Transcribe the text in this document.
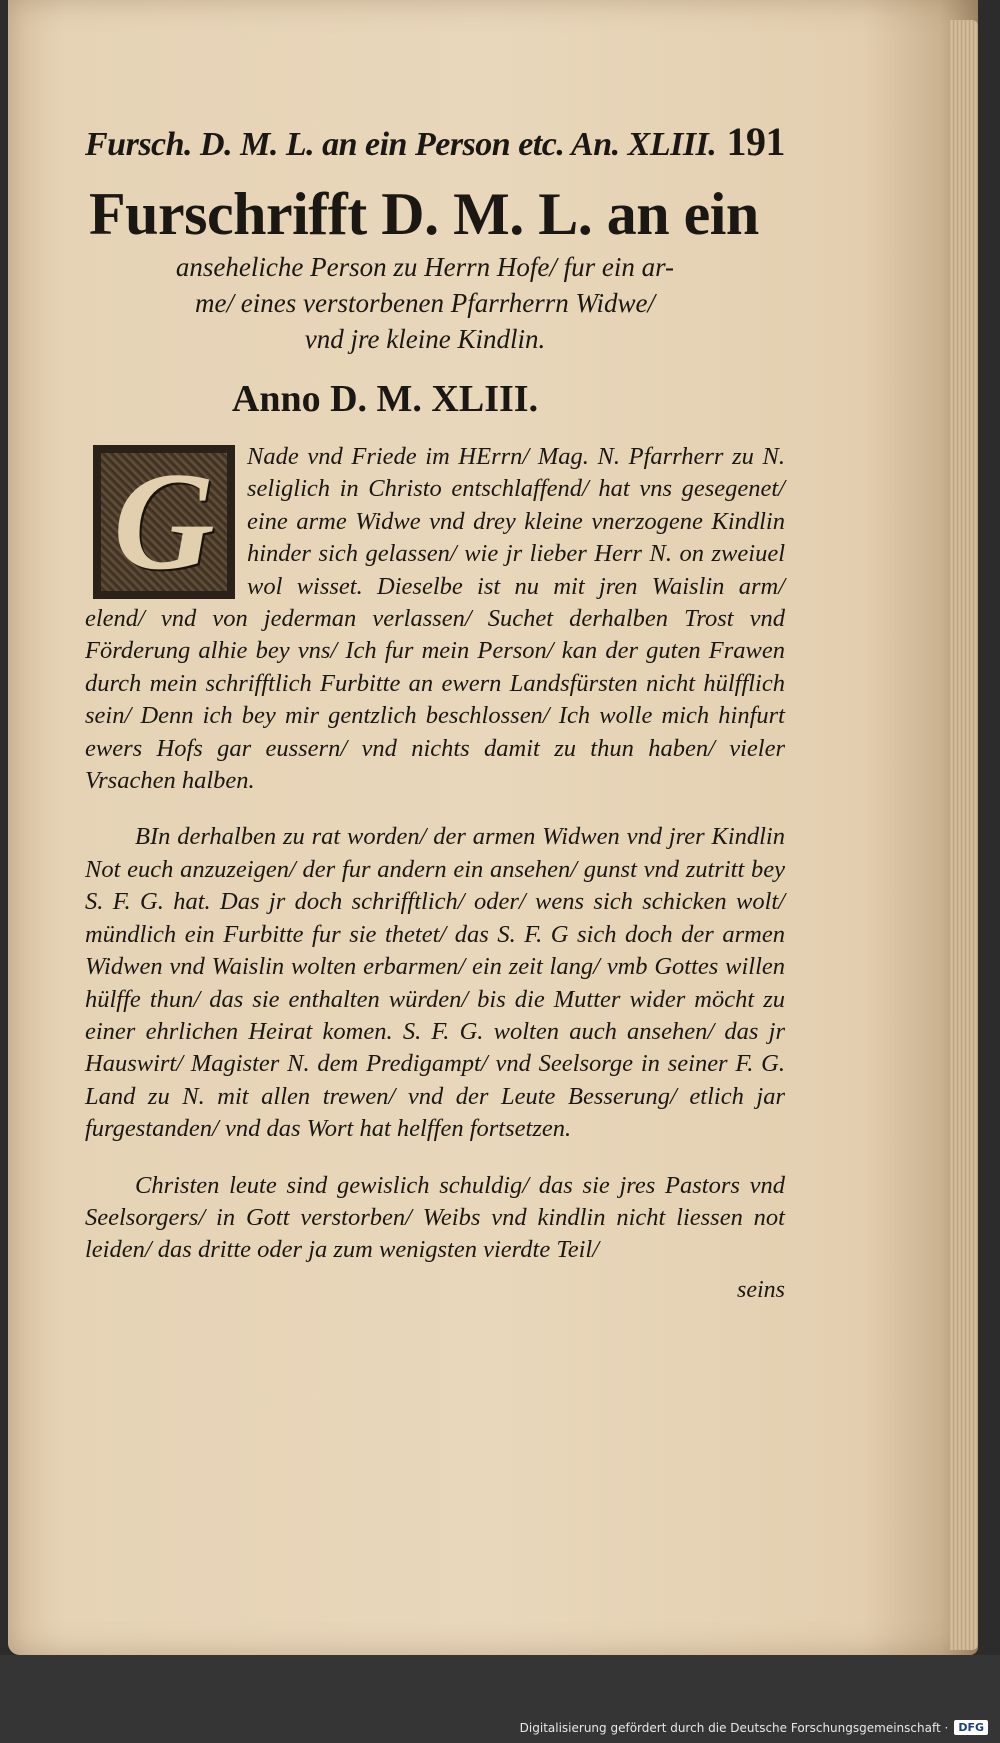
Fursch. D. M. L. an ein Person etc. An. XLIII. 191
Furschrifft D. M. L. an ein
anseheliche Person zu Herrn Hofe/ fur ein ar-
me/ eines verstorbenen Pfarrherrn Widwe/
vnd jre kleine Kindlin.
Anno D. M. XLIII.
G Nade vnd Friede im HErrn/ Mag. N. Pfarrherr zu N. seliglich in Christo entschlaffend/ hat vns gesegenet/ eine arme Widwe vnd drey kleine vnerzogene Kindlin hinder sich gelassen/ wie jr lieber Herr N. on zweiuel wol wisset. Dieselbe ist nu mit jren Waislin arm/ elend/ vnd von jederman verlassen/ Suchet derhalben Trost vnd Förderung alhie bey vns/ Ich fur mein Person/ kan der guten Frawen durch mein schrifftlich Furbitte an ewern Landsfürsten nicht hülfflich sein/ Denn ich bey mir gentzlich beschlossen/ Ich wolle mich hinfurt ewers Hofs gar eussern/ vnd nichts damit zu thun haben/ vieler Vrsachen halben.
BIn derhalben zu rat worden/ der armen Widwen vnd jrer Kindlin Not euch anzuzeigen/ der fur andern ein ansehen/ gunst vnd zutritt bey S. F. G. hat. Das jr doch schrifftlich/ oder/ wens sich schicken wolt/ mündlich ein Furbitte fur sie thetet/ das S. F. G sich doch der armen Widwen vnd Waislin wolten erbarmen/ ein zeit lang/ vmb Gottes willen hülffe thun/ das sie enthalten würden/ bis die Mutter wider möcht zu einer ehrlichen Heirat komen. S. F. G. wolten auch ansehen/ das jr Hauswirt/ Magister N. dem Predigampt/ vnd Seelsorge in seiner F. G. Land zu N. mit allen trewen/ vnd der Leute Besserung/ etlich jar furgestanden/ vnd das Wort hat helffen fortsetzen.
Christen leute sind gewislich schuldig/ das sie jres Pastors vnd Seelsorgers/ in Gott verstorben/ Weibs vnd kindlin nicht liessen not leiden/ das dritte oder ja zum wenigsten vierdte Teil/
seins
Digitalisierung gefördert durch die Deutsche Forschungsgemeinschaft · DFG
